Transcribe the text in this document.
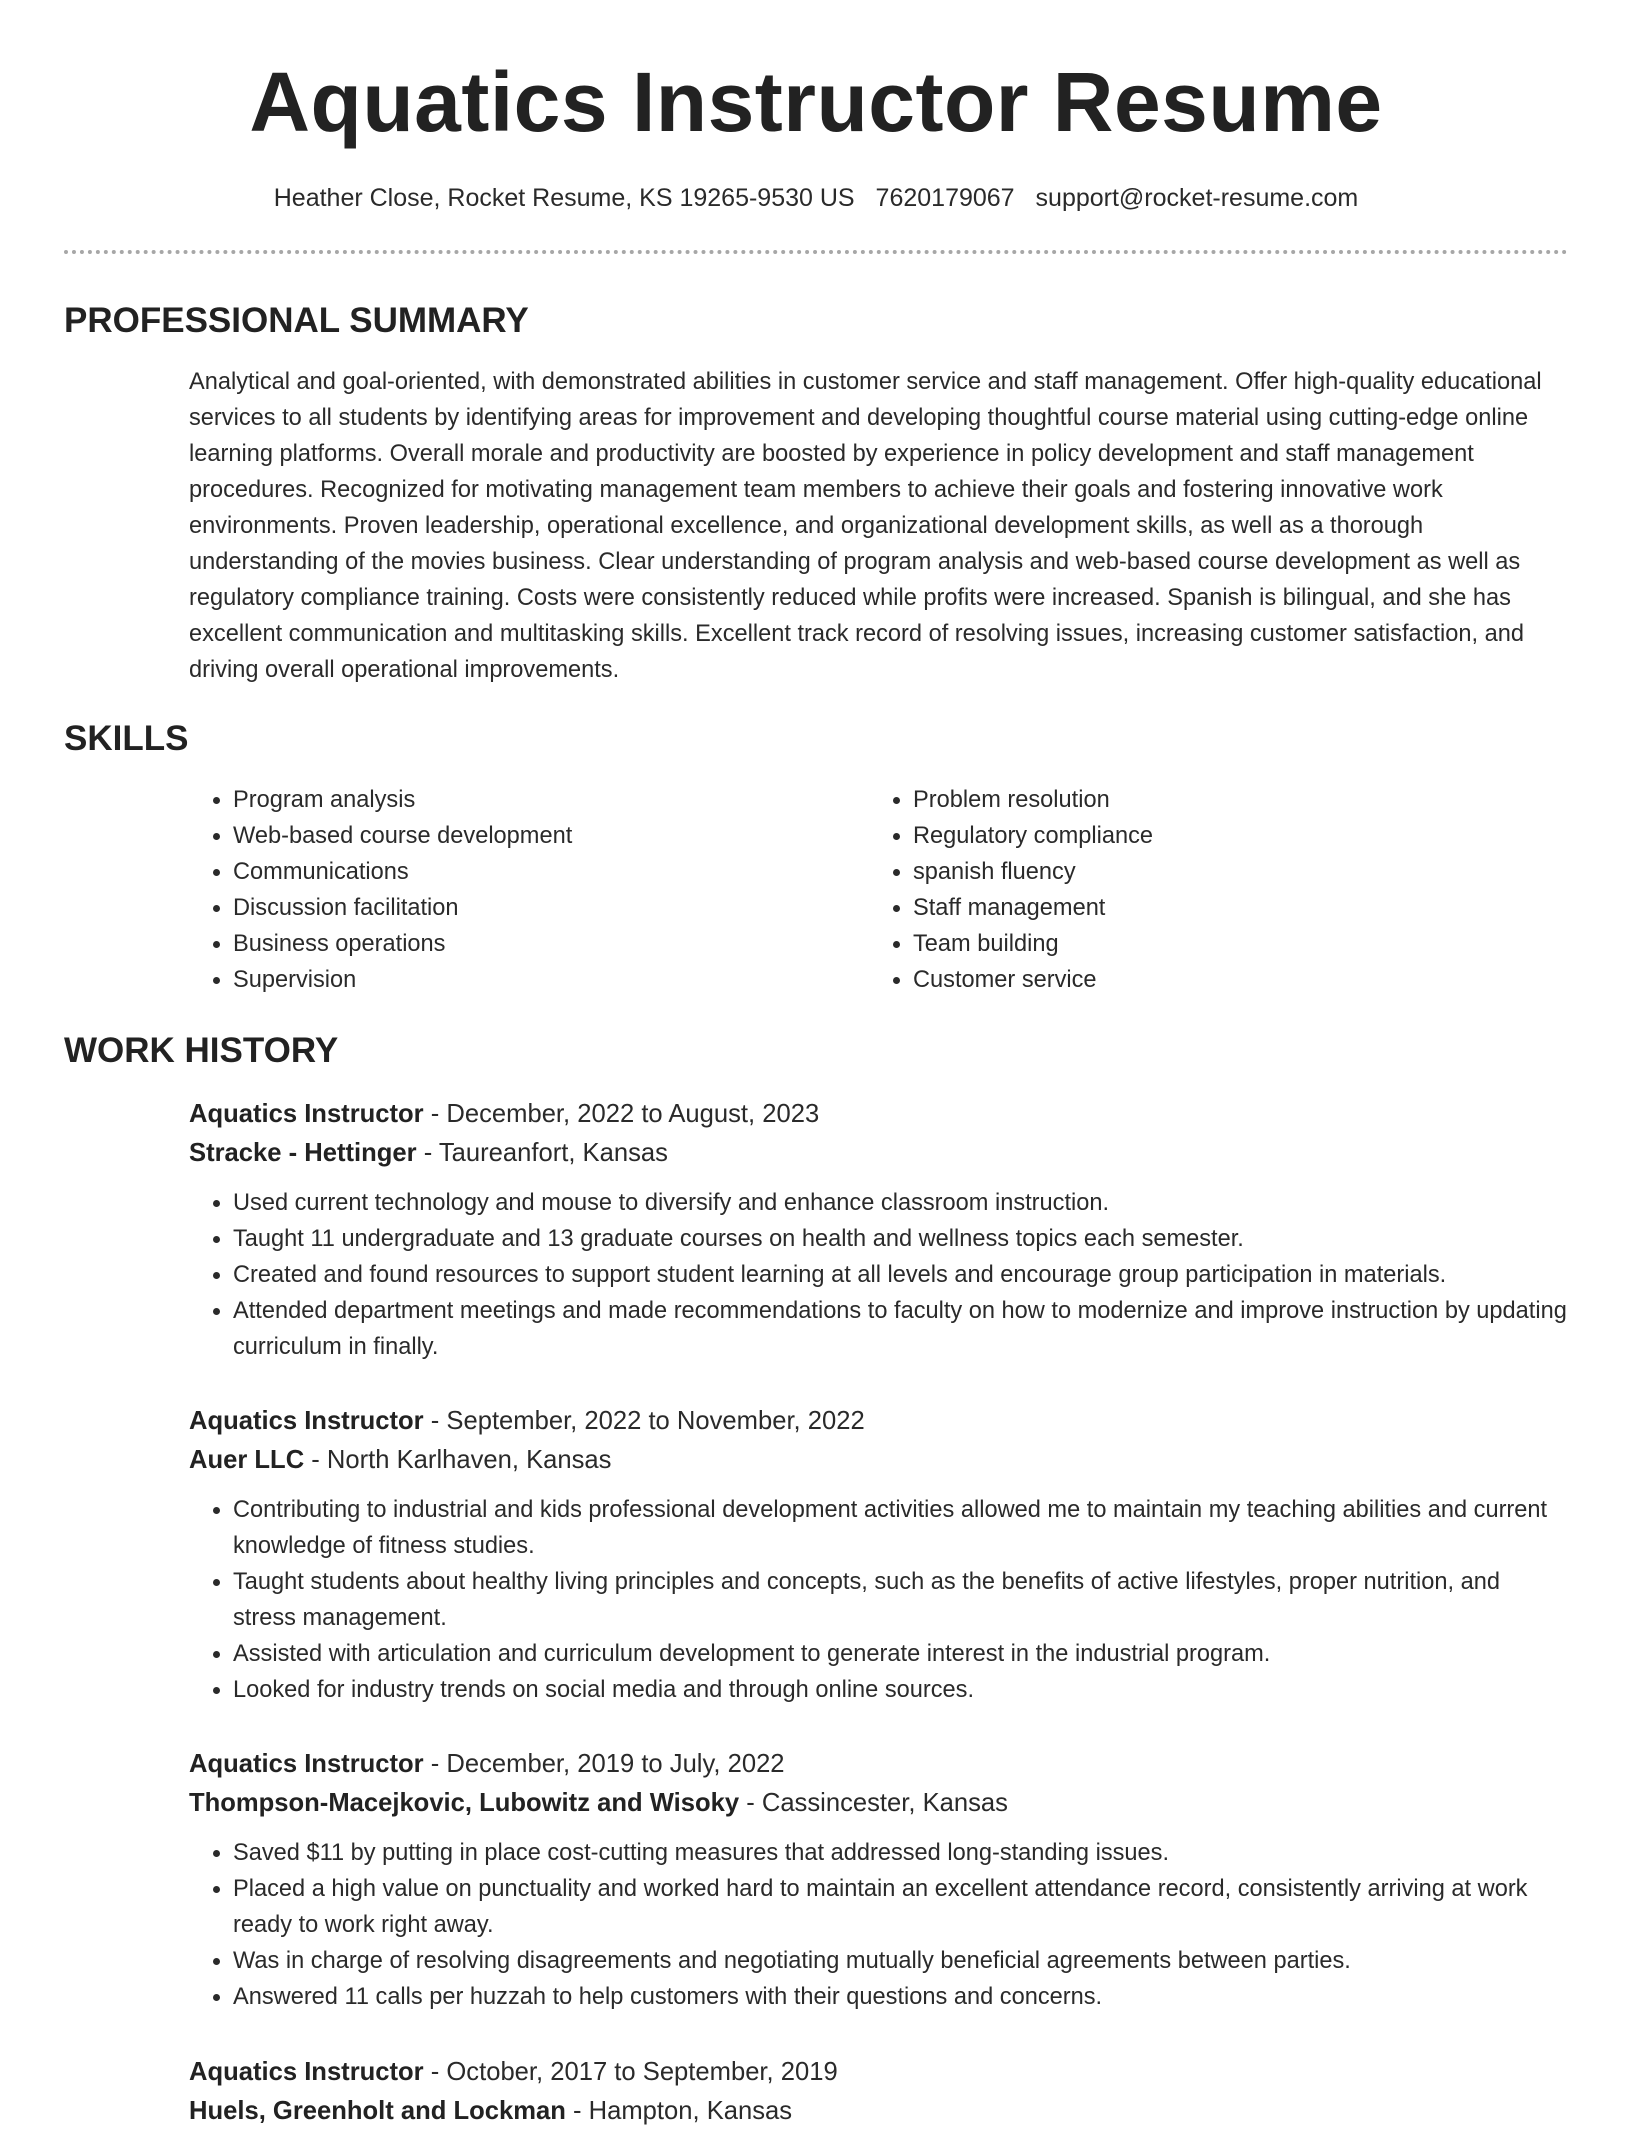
Aquatics Instructor Resume
Heather Close, Rocket Resume, KS 19265-9530 US 7620179067 support@rocket-resume.com
PROFESSIONAL SUMMARY

Analytical and goal-oriented, with demonstrated abilities in customer service and staff management. Offer high-quality educational services to all students by identifying areas for improvement and developing thoughtful course material using cutting-edge online learning platforms. Overall morale and productivity are boosted by experience in policy development and staff management procedures. Recognized for motivating management team members to achieve their goals and fostering innovative work environments. Proven leadership, operational excellence, and organizational development skills, as well as a thorough understanding of the movies business. Clear understanding of program analysis and web-based course development as well as regulatory compliance training. Costs were consistently reduced while profits were increased. Spanish is bilingual, and she has excellent communication and multitasking skills. Excellent track record of resolving issues, increasing customer satisfaction, and driving overall operational improvements.

SKILLS
• Program analysis
• Web-based course development
• Communications
• Discussion facilitation
• Business operations
• Supervision
• Problem resolution
• Regulatory compliance
• spanish fluency
• Staff management
• Team building
• Customer service
WORK HISTORY
Aquatics Instructor - December, 2022 to August, 2023
Stracke - Hettinger - Taureanfort, Kansas
• Used current technology and mouse to diversify and enhance classroom instruction.
• Taught 11 undergraduate and 13 graduate courses on health and wellness topics each semester.
• Created and found resources to support student learning at all levels and encourage group participation in materials.
• Attended department meetings and made recommendations to faculty on how to modernize and improve instruction by updating curriculum in finally.
Aquatics Instructor - September, 2022 to November, 2022
Auer LLC - North Karlhaven, Kansas
• Contributing to industrial and kids professional development activities allowed me to maintain my teaching abilities and current knowledge of fitness studies.
• Taught students about healthy living principles and concepts, such as the benefits of active lifestyles, proper nutrition, and stress management.
• Assisted with articulation and curriculum development to generate interest in the industrial program.
• Looked for industry trends on social media and through online sources.
Aquatics Instructor - December, 2019 to July, 2022
Thompson-Macejkovic, Lubowitz and Wisoky - Cassincester, Kansas
• Saved $11 by putting in place cost-cutting measures that addressed long-standing issues.
• Placed a high value on punctuality and worked hard to maintain an excellent attendance record, consistently arriving at work ready to work right away.
• Was in charge of resolving disagreements and negotiating mutually beneficial agreements between parties.
• Answered 11 calls per huzzah to help customers with their questions and concerns.
Aquatics Instructor - October, 2017 to September, 2019
Huels, Greenholt and Lockman - Hampton, Kansas
